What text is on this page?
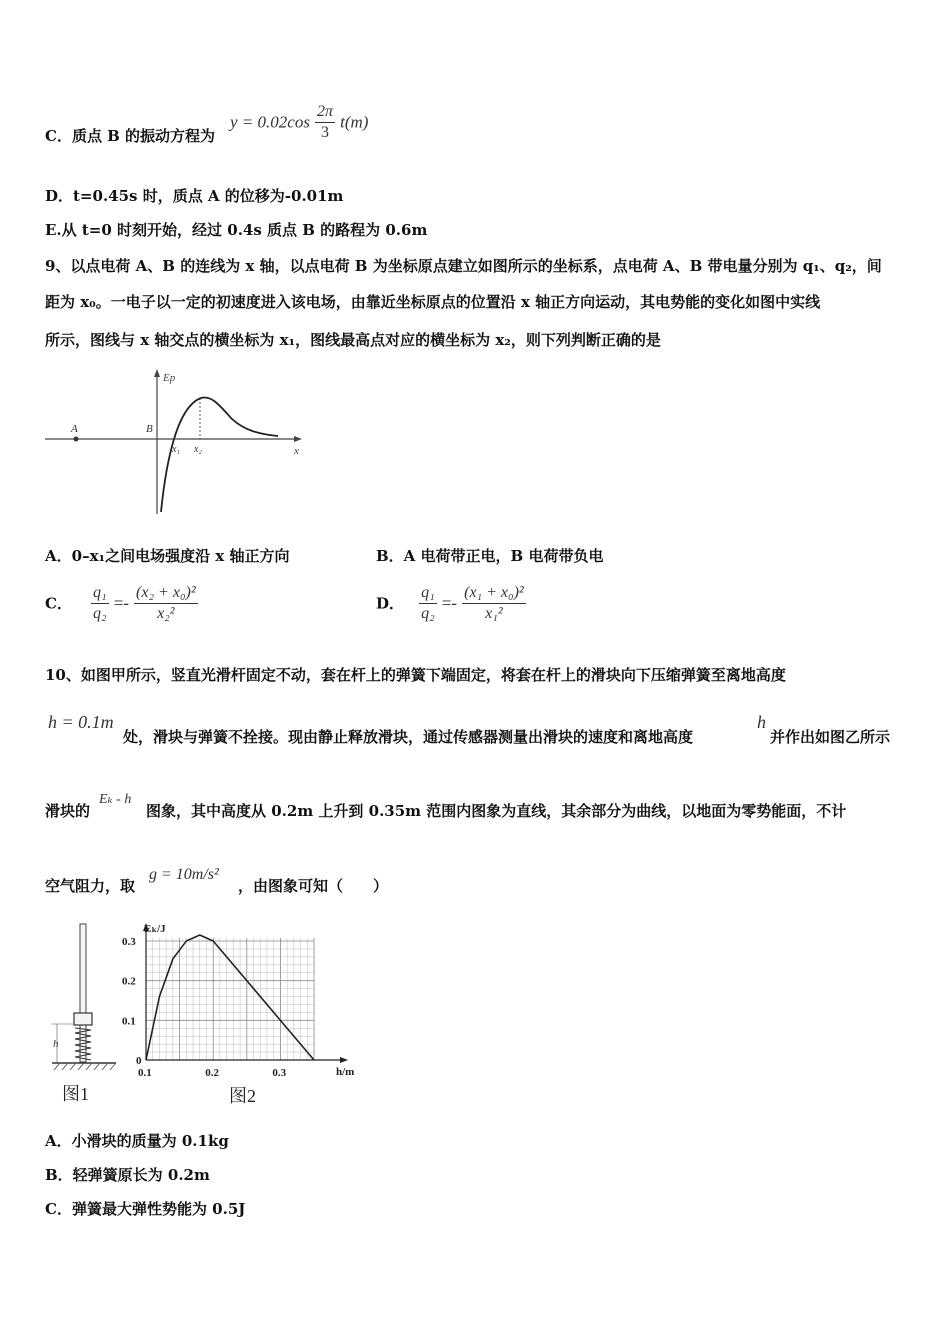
C．质点 B 的振动方程为
$y = 0.02\cos \frac{2\pi}{3} t(m)$
D．t=0.45s 时，质点 A 的位移为-0.01m
E.从 t=0 时刻开始，经过 0.4s 质点 B 的路程为 0.6m
9、以点电荷 A、B 的连线为 x 轴，以点电荷 B 为坐标原点建立如图所示的坐标系，点电荷 A、B 带电量分别为 q₁、q₂，间
距为 x₀。一电子以一定的初速度进入该电场，由靠近坐标原点的位置沿 x 轴正方向运动，其电势能的变化如图中实线
所示，图线与 x 轴交点的横坐标为 x₁，图线最高点对应的横坐标为 x₂，则下列判断正确的是
Ep
x
A	B
x₁ x₂
A．0–x₁之间电场强度沿 x 轴正方向	B．A 电荷带正电，B 电荷带负电
C． $\frac{\text{q₁}}{\text{q₂}} =- \frac{\text{(x₂ + x₀)²}}{\text{x₂²}}$	D． $\frac{\text{q₁}}{\text{q₂}} =- \frac{\text{(x₁ + x₀)²}}{\text{x₁²}}$
10、如图甲所示，竖直光滑杆固定不动，套在杆上的弹簧下端固定，将套在杆上的滑块向下压缩弹簧至离地高度
h = 0.1m
处，滑块与弹簧不拴接。现由静止释放滑块，通过传感器测量出滑块的速度和离地高度
h
并作出如图乙所示
滑块的
Eₖ - h
图象，其中高度从 0.2m 上升到 0.35m 范围内图象为直线，其余部分为曲线，以地面为零势能面，不计
空气阻力，取
g = 10m/s²
，由图象可知（　　）
h
图1
0.1	0.2	0.3
0.3
0.2
0.1
0
Eₖ/J
h/m
图2
A．小滑块的质量为 0.1kg
B．轻弹簧原长为 0.2m
C．弹簧最大弹性势能为 0.5J
